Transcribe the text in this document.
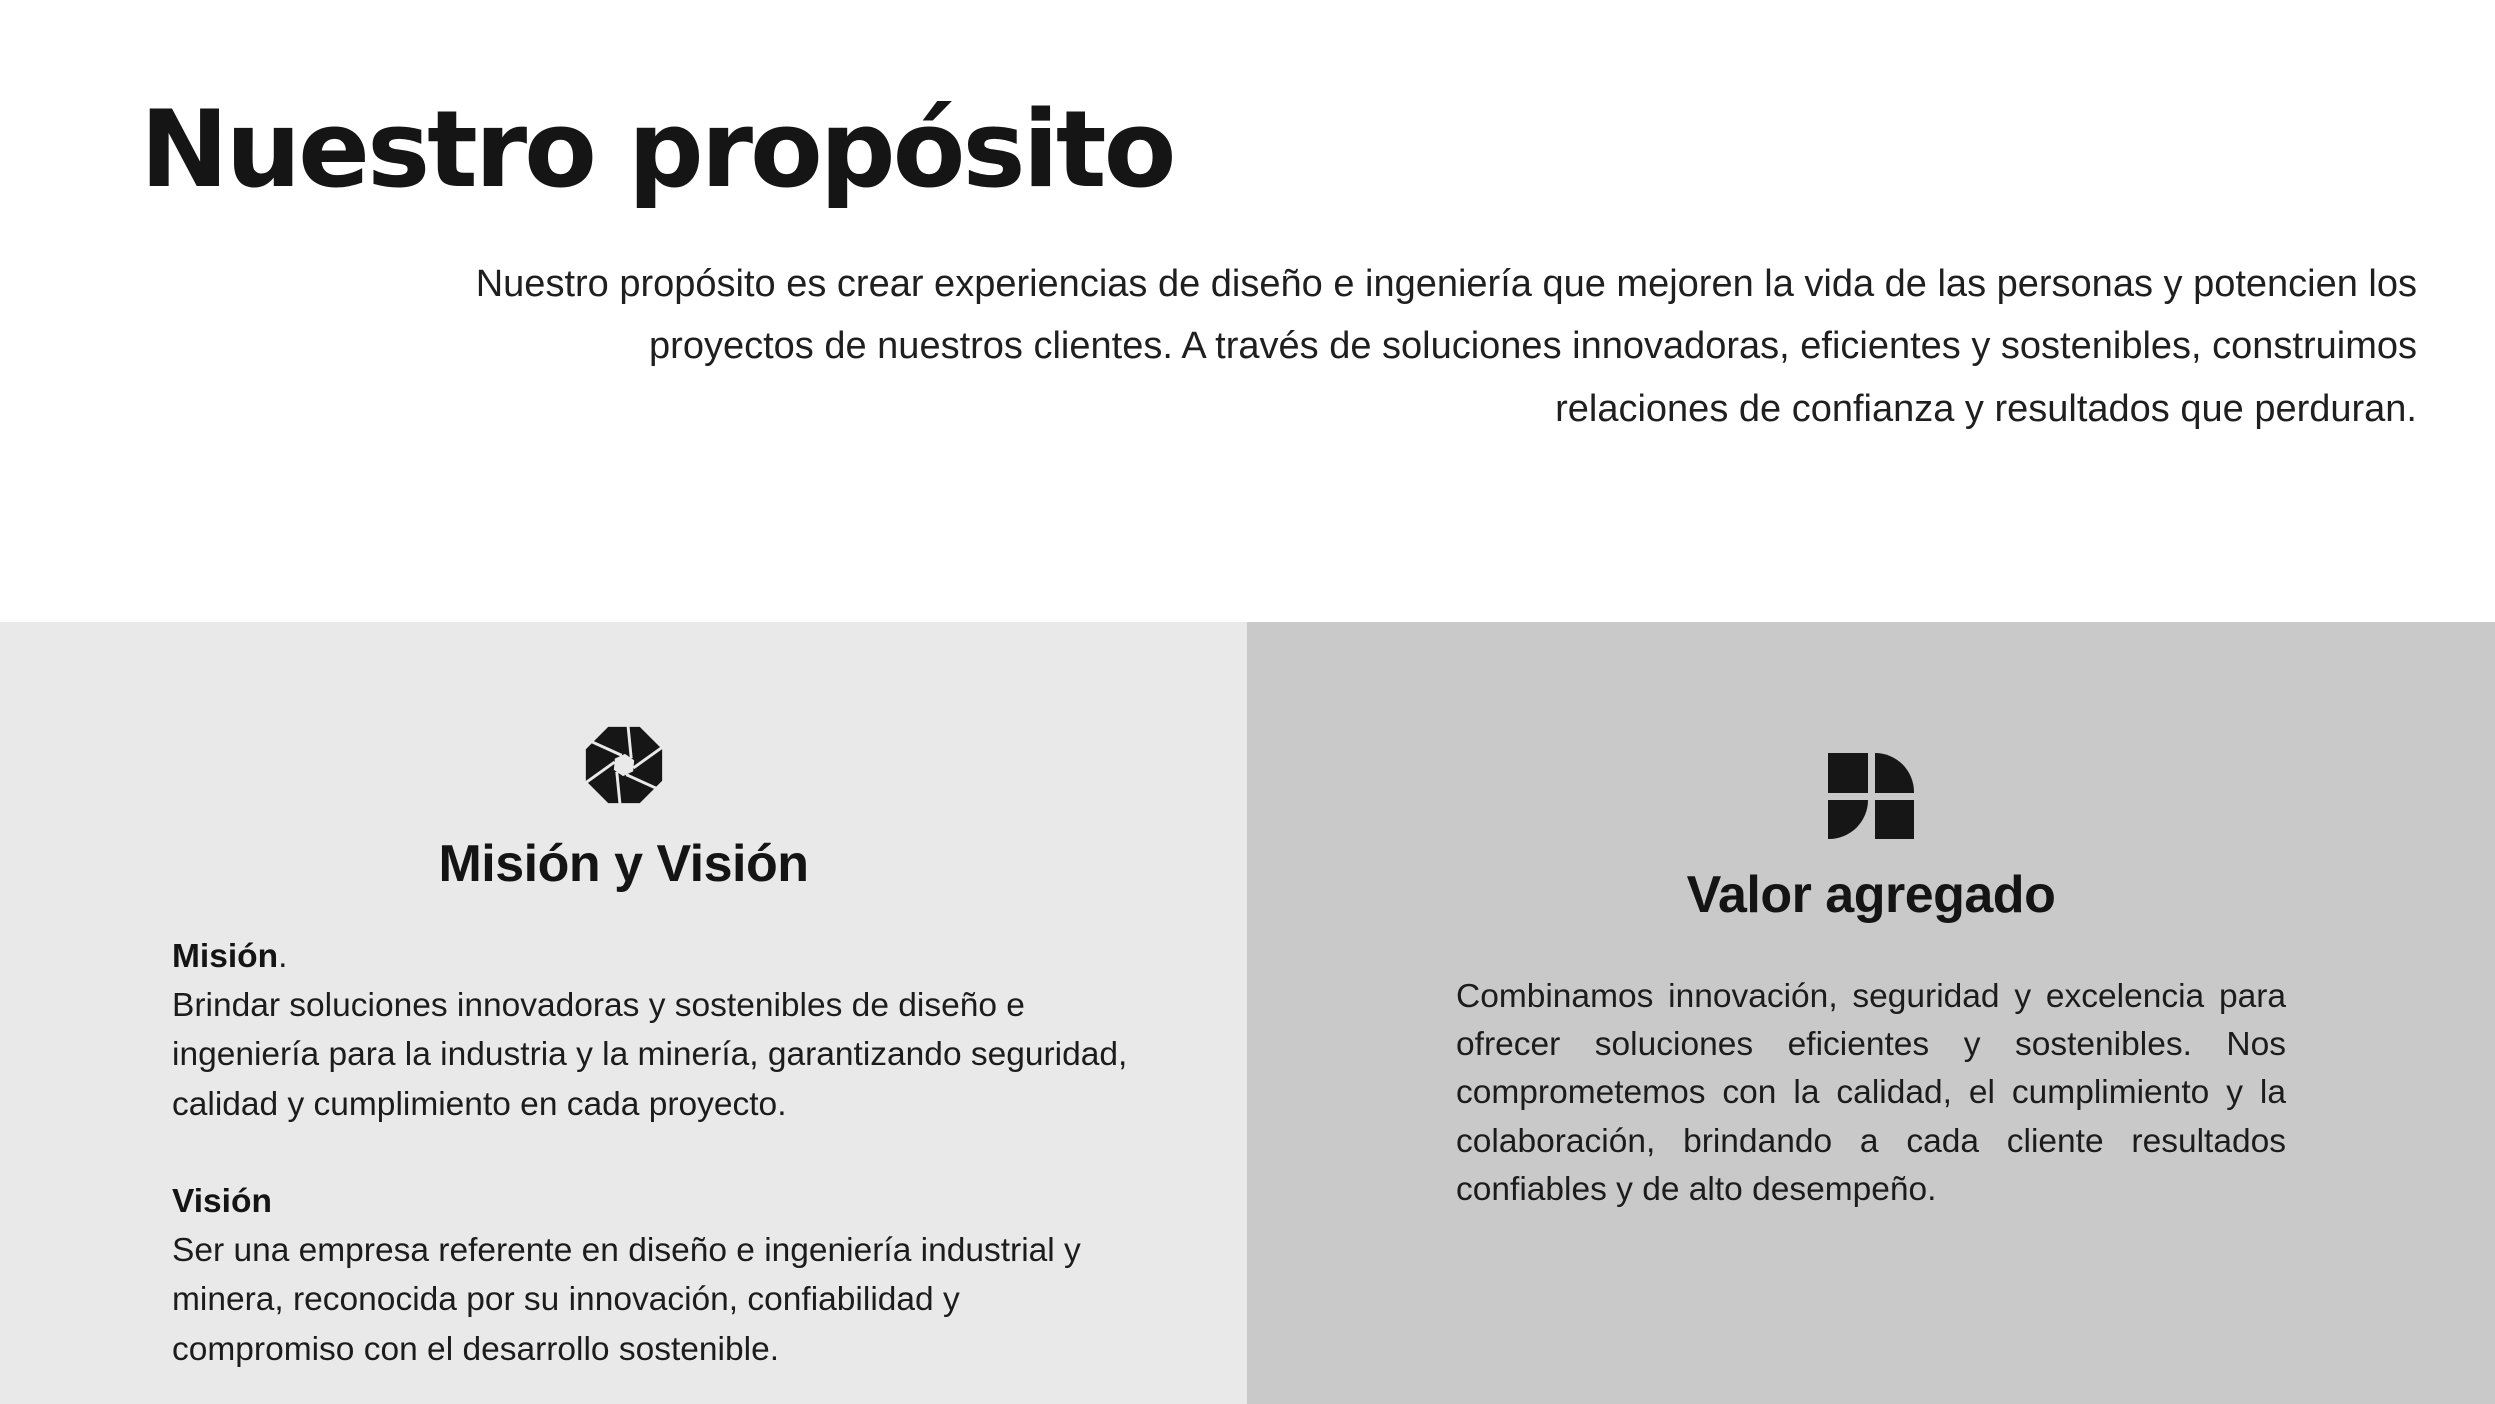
Nuestro propósito

Nuestro propósito es crear experiencias de diseño e ingeniería que mejoren la vida de las personas y potencien los proyectos de nuestros clientes. A través de soluciones innovadoras, eficientes y sostenibles, construimos relaciones de confianza y resultados que perduran.

Misión y Visión

Misión.
Brindar soluciones innovadoras y sostenibles de diseño e ingeniería para la industria y la minería, garantizando seguridad, calidad y cumplimiento en cada proyecto.

Visión
Ser una empresa referente en diseño e ingeniería industrial y minera, reconocida por su innovación, confiabilidad y compromiso con el desarrollo sostenible.

Valor agregado

Combinamos innovación, seguridad y excelencia para ofrecer soluciones eficientes y sostenibles. Nos comprometemos con la calidad, el cumplimiento y la colaboración, brindando a cada cliente resultados confiables y de alto desempeño.
